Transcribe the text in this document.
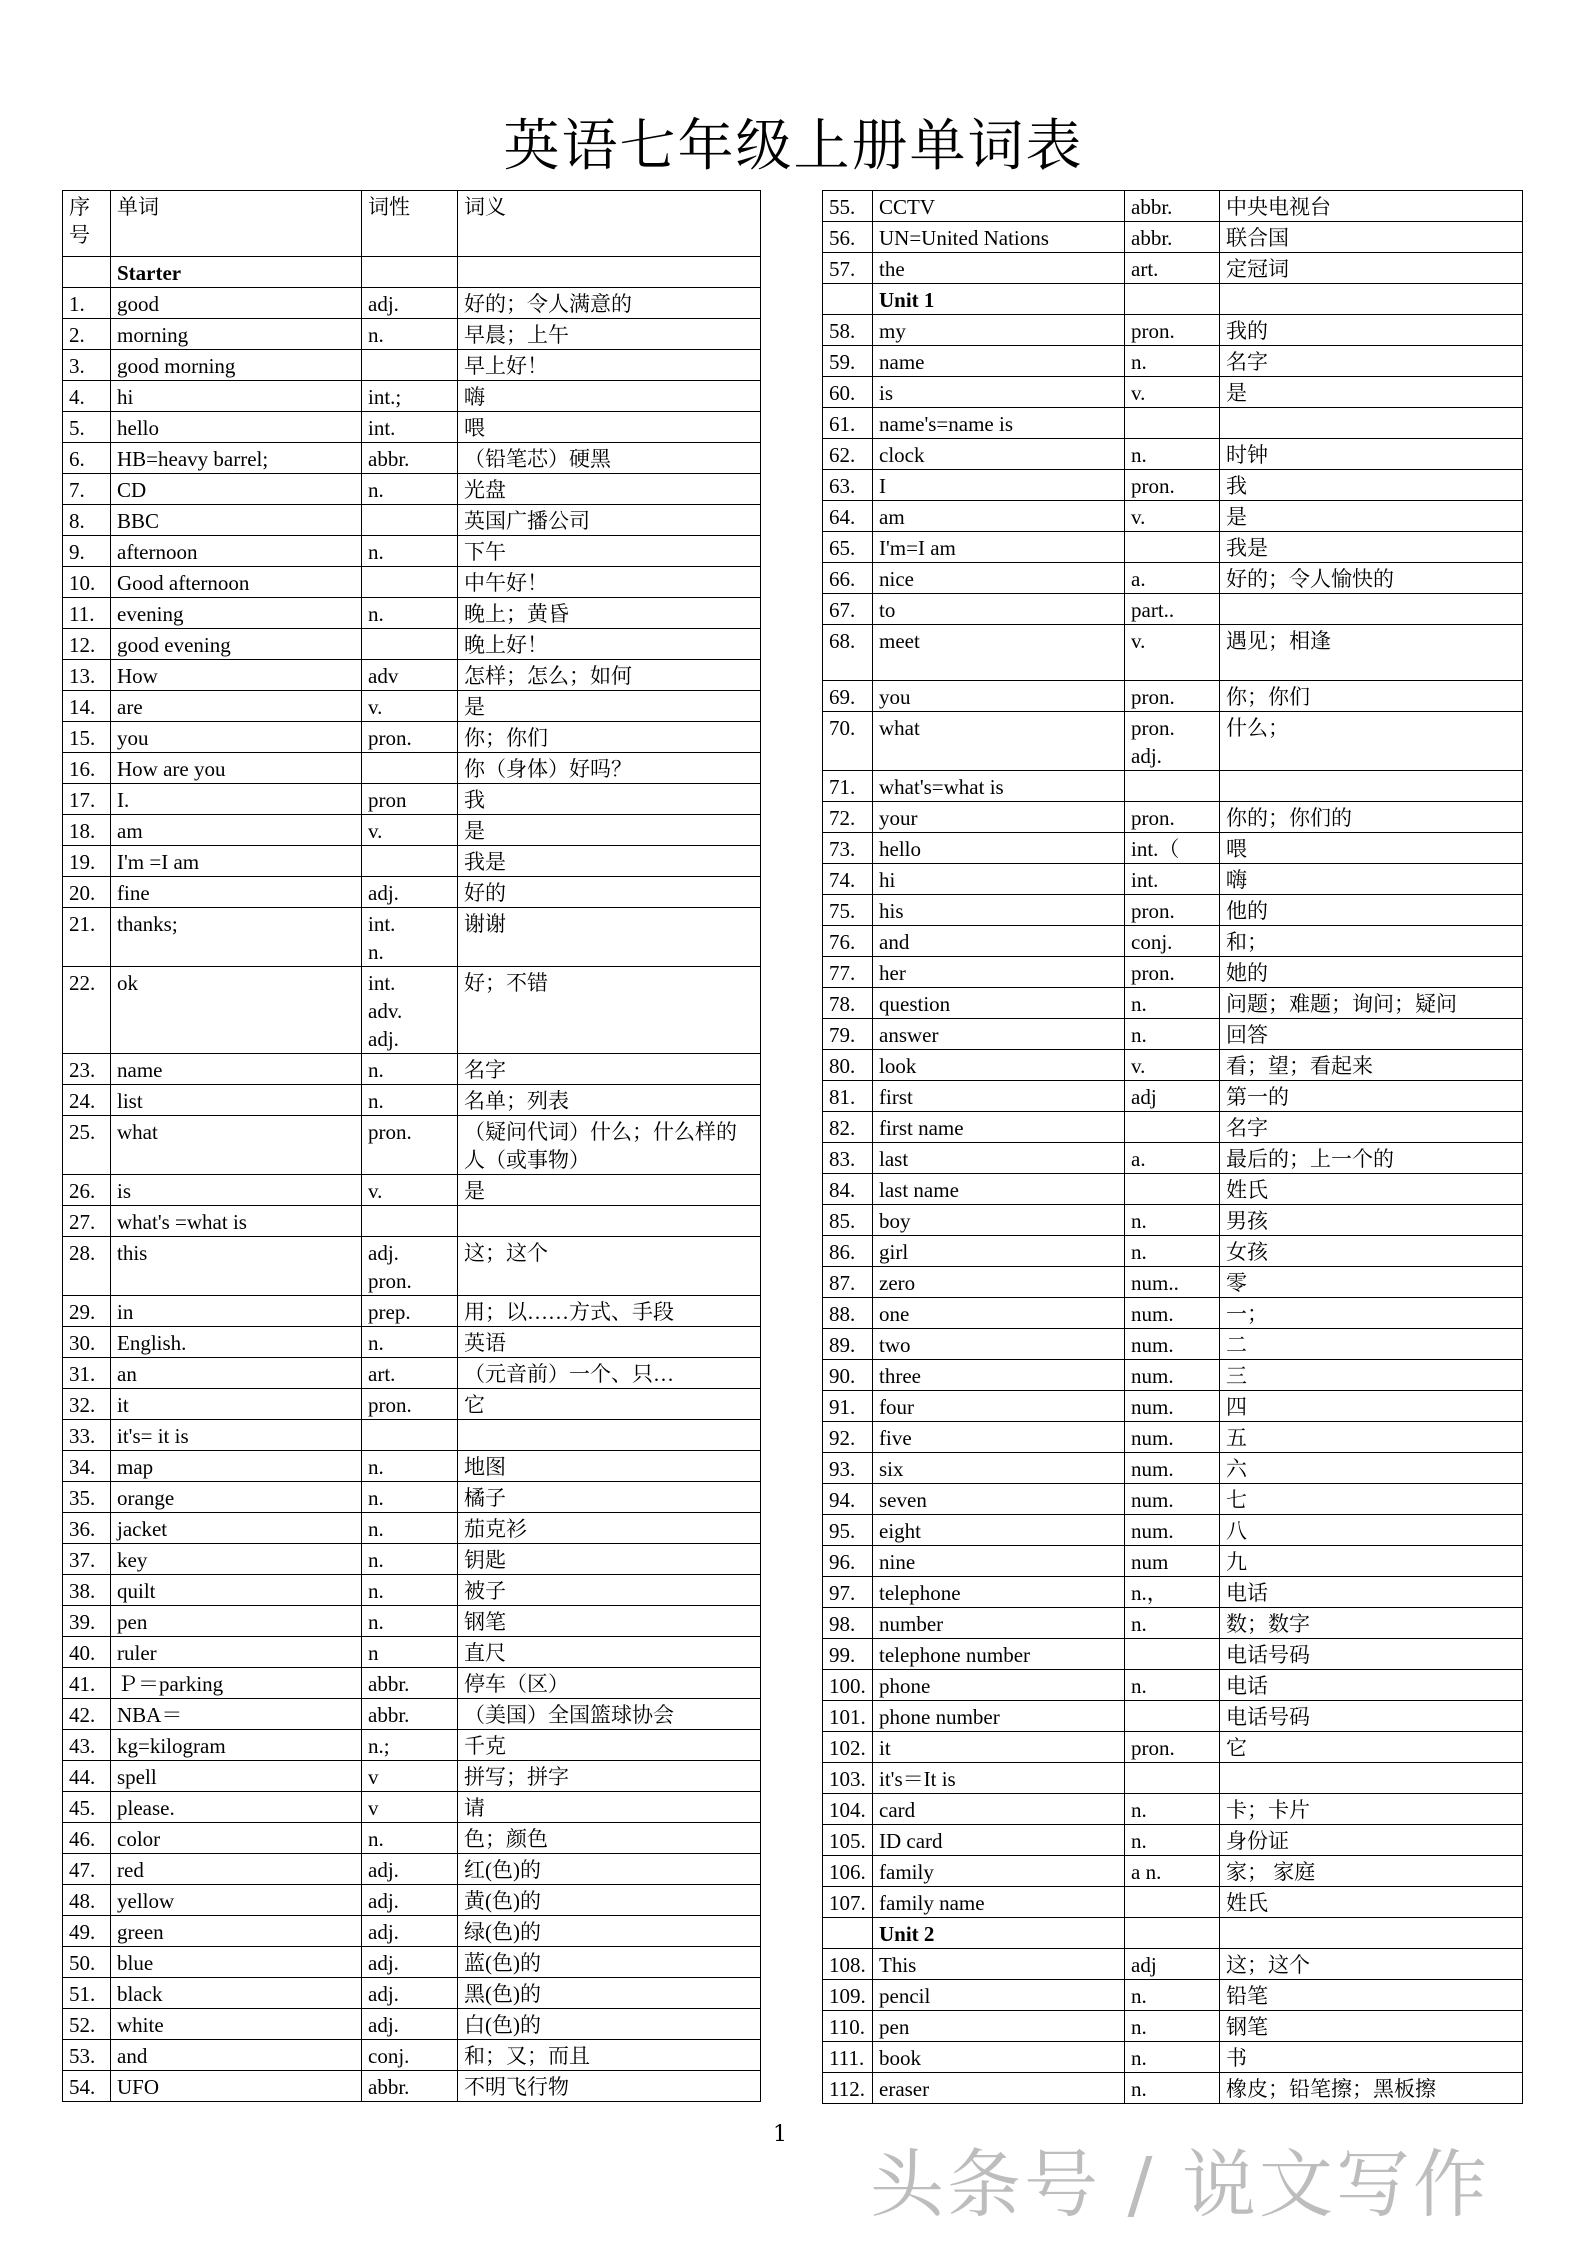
英语七年级上册单词表
序号	单词	词性	词义
	Starter		
1.	good	adj.	好的；令人满意的
2.	morning	n.	早晨；上午
3.	good morning		早上好！
4.	hi	int.;	嗨
5.	hello	int.	喂
6.	HB=heavy barrel;	abbr.	（铅笔芯）硬黑
7.	CD	n.	光盘
8.	BBC		英国广播公司
9.	afternoon	n.	下午
10.	Good afternoon		中午好！
11.	evening	n.	晚上；黄昏
12.	good evening		晚上好！
13.	How	adv	怎样；怎么；如何
14.	are	v.	是
15.	you	pron.	你；你们
16.	How are you		你（身体）好吗？
17.	I.	pron	我
18.	am	v.	是
19.	I'm =I am		我是
20.	fine	adj.	好的
21.	thanks;	int.
n.	谢谢
22.	ok	int.
adv.
adj.	好；不错
23.	name	n.	名字
24.	list	n.	名单；列表
25.	what	pron.	（疑问代词）什么；什么样的人（或事物）
26.	is	v.	是
27.	what's =what is		
28.	this	adj.
pron.	这；这个
29.	in	prep.	用；以……方式、手段
30.	English.	n.	英语
31.	an	art.	（元音前）一个、只…
32.	it	pron.	它
33.	it's= it is		
34.	map	n.	地图
35.	orange	n.	橘子
36.	jacket	n.	茄克衫
37.	key	n.	钥匙
38.	quilt	n.	被子
39.	pen	n.	钢笔
40.	ruler	n	直尺
41.	Ｐ＝parking	abbr.	停车（区）
42.	NBA＝	abbr.	（美国）全国篮球协会
43.	kg=kilogram	n.;	千克
44.	spell	v	拼写；拼字
45.	please.	v	请
46.	color	n.	色；颜色
47.	red	adj.	红(色)的
48.	yellow	adj.	黄(色)的
49.	green	adj.	绿(色)的
50.	blue	adj.	蓝(色)的
51.	black	adj.	黑(色)的
52.	white	adj.	白(色)的
53.	and	conj.	和；又；而且
54.	UFO	abbr.	不明飞行物
55.	CCTV	abbr.	中央电视台
56.	UN=United Nations	abbr.	联合国
57.	the	art.	定冠词
	Unit 1		
58.	my	pron.	我的
59.	name	n.	名字
60.	is	v.	是
61.	name's=name is		
62.	clock	n.	时钟
63.	I	pron.	我
64.	am	v.	是
65.	I'm=I am		我是
66.	nice	a.	好的；令人愉快的
67.	to	part..	
68.	meet	v.	遇见；相逢
69.	you	pron.	你；你们
70.	what	pron.
adj.	什么；
71.	what's=what is		
72.	your	pron.	你的；你们的
73.	hello	int.（	喂
74.	hi	int.	嗨
75.	his	pron.	他的
76.	and	conj.	和；
77.	her	pron.	她的
78.	question	n.	问题；难题；询问；疑问
79.	answer	n.	回答
80.	look	v.	看；望；看起来
81.	first	adj	第一的
82.	first name		名字
83.	last	a.	最后的；上一个的
84.	last name		姓氏
85.	boy	n.	男孩
86.	girl	n.	女孩
87.	zero	num..	零
88.	one	num.	一；
89.	two	num.	二
90.	three	num.	三
91.	four	num.	四
92.	five	num.	五
93.	six	num.	六
94.	seven	num.	七
95.	eight	num.	八
96.	nine	num	九
97.	telephone	n.，	电话
98.	number	n.	数；数字
99.	telephone number		电话号码
100.	phone	n.	电话
101.	phone number		电话号码
102.	it	pron.	它
103.	it's＝It is		
104.	card	n.	卡；卡片
105.	ID card	n.	身份证
106.	family	a n.	家； 家庭
107.	family name		姓氏
	Unit 2		
108.	This	adj	这；这个
109.	pencil	n.	铅笔
110.	pen	n.	钢笔
111.	book	n.	书
112.	eraser	n.	橡皮；铅笔擦；黑板擦
1
头条号 / 说文写作
